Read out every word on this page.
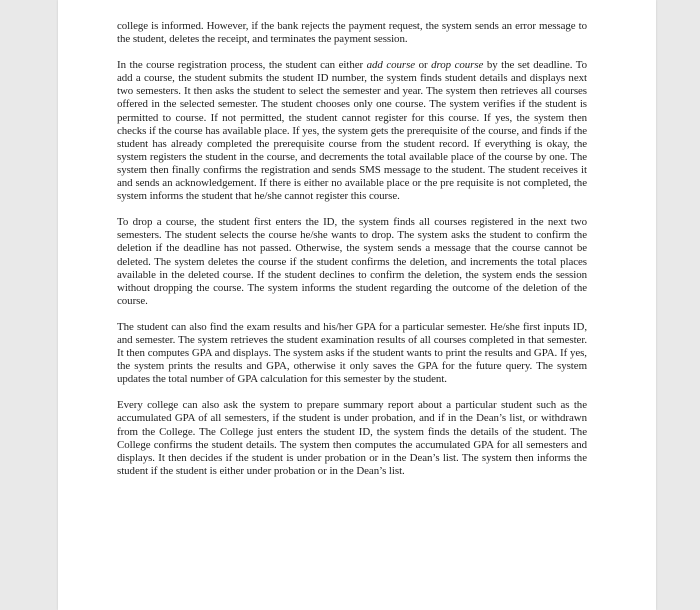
college is informed. However, if the bank rejects the payment request, the system sends an error message to the student, deletes the receipt, and terminates the payment session.

In the course registration process, the student can either add course or drop course by the set deadline. To add a course, the student submits the student ID number, the system finds student details and displays next two semesters. It then asks the student to select the semester and year. The system then retrieves all courses offered in the selected semester. The student chooses only one course. The system verifies if the student is permitted to course. If not permitted, the student cannot register for this course. If yes, the system then checks if the course has available place. If yes, the system gets the prerequisite of the course, and finds if the student has already completed the prerequisite course from the student record. If everything is okay, the system registers the student in the course, and decrements the total available place of the course by one. The system then finally confirms the registration and sends SMS message to the student. The student receives it and sends an acknowledgement. If there is either no available place or the pre requisite is not completed, the system informs the student that he/she cannot register this course.

To drop a course, the student first enters the ID, the system finds all courses registered in the next two semesters. The student selects the course he/she wants to drop. The system asks the student to confirm the deletion if the deadline has not passed. Otherwise, the system sends a message that the course cannot be deleted. The system deletes the course if the student confirms the deletion, and increments the total places available in the deleted course. If the student declines to confirm the deletion, the system ends the session without dropping the course. The system informs the student regarding the outcome of the deletion of the course.

The student can also find the exam results and his/her GPA for a particular semester. He/she first inputs ID, and semester. The system retrieves the student examination results of all courses completed in that semester. It then computes GPA and displays. The system asks if the student wants to print the results and GPA. If yes, the system prints the results and GPA, otherwise it only saves the GPA for the future query. The system updates the total number of GPA calculation for this semester by the student.

Every college can also ask the system to prepare summary report about a particular student such as the accumulated GPA of all semesters, if the student is under probation, and if in the Dean’s list, or withdrawn from the College. The College just enters the student ID, the system finds the details of the student. The College confirms the student details. The system then computes the accumulated GPA for all semesters and displays. It then decides if the student is under probation or in the Dean’s list. The system then informs the student if the student is either under probation or in the Dean’s list.
